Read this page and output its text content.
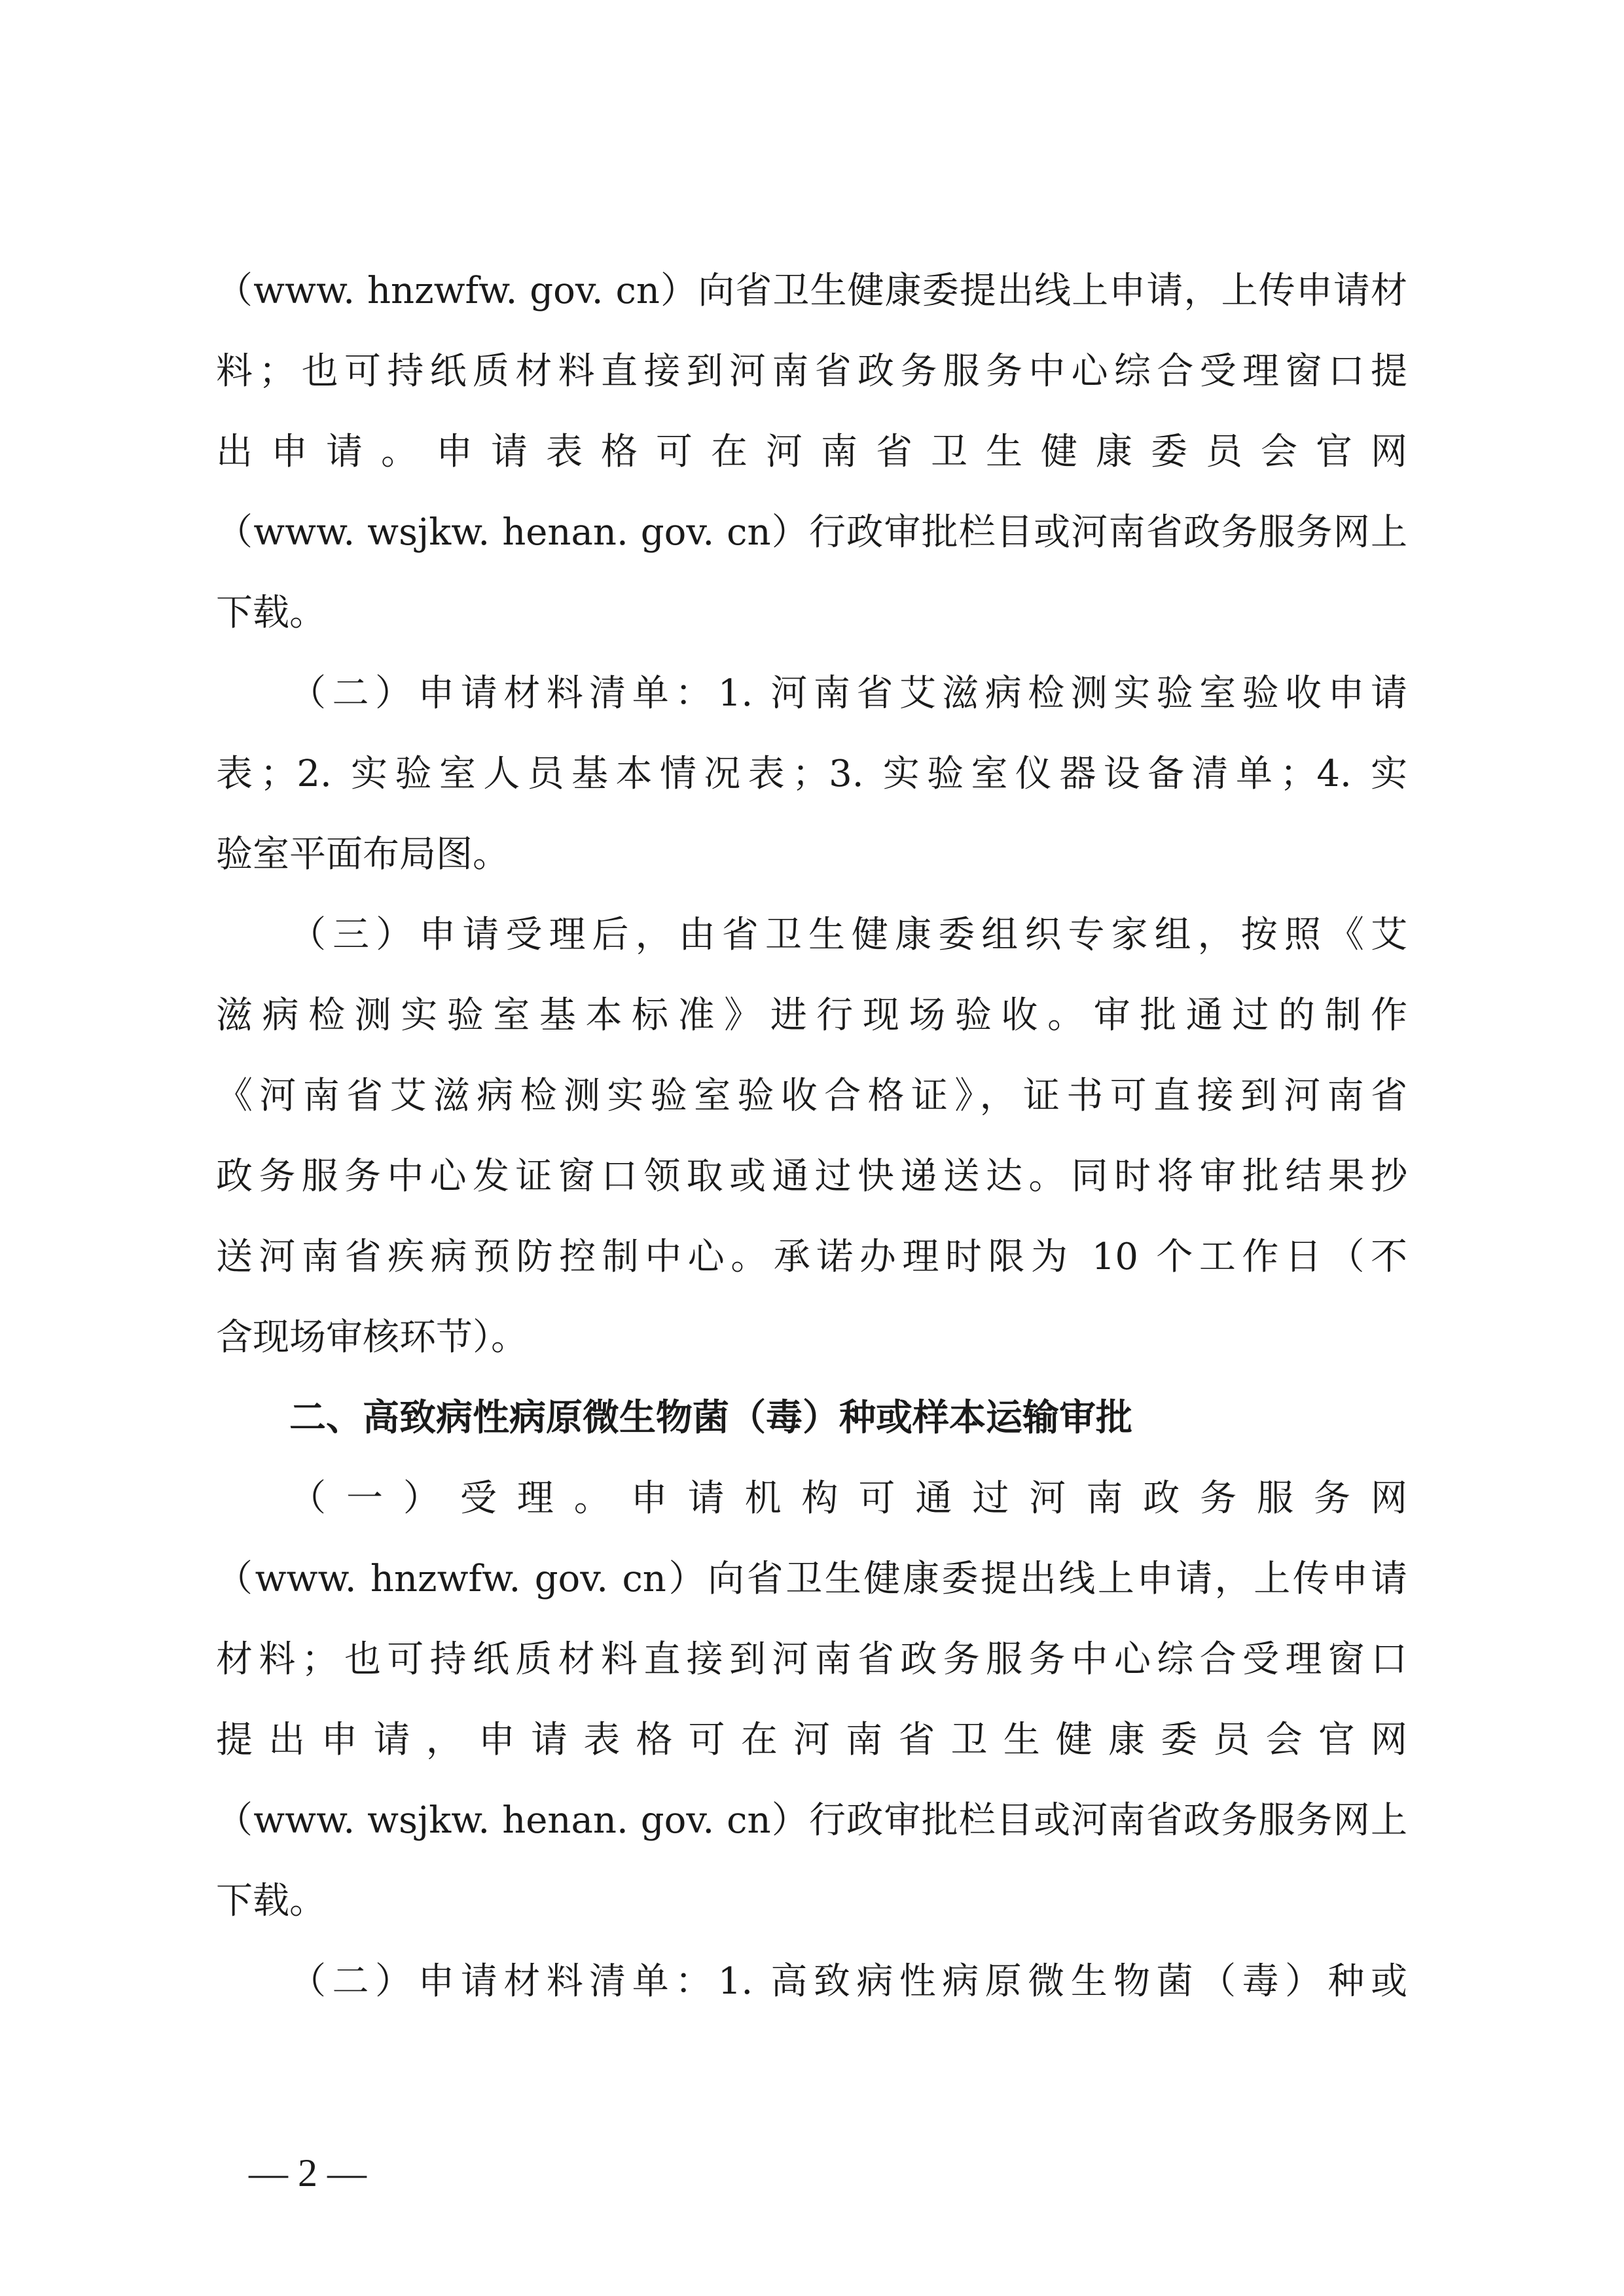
（www. hnzwfw. gov. cn）向省卫生健康委提出线上申请，上传申请材
料；也可持纸质材料直接到河南省政务服务中心综合受理窗口提
出申请。申请表格可在河南省卫生健康委员会官网
（www. wsjkw. henan. gov. cn）行政审批栏目或河南省政务服务网上
下载。
（二）申请材料清单：1. 河南省艾滋病检测实验室验收申请
表；2. 实验室人员基本情况表；3. 实验室仪器设备清单；4. 实
验室平面布局图。
（三）申请受理后，由省卫生健康委组织专家组，按照《艾
滋病检测实验室基本标准》进行现场验收。审批通过的制作
《河南省艾滋病检测实验室验收合格证》，证书可直接到河南省
政务服务中心发证窗口领取或通过快递送达。同时将审批结果抄
送河南省疾病预防控制中心。承诺办理时限为 10 个工作日（不
含现场审核环节）。
二、高致病性病原微生物菌（毒）种或样本运输审批
（一）受理。申请机构可通过河南政务服务网
（www. hnzwfw. gov. cn）向省卫生健康委提出线上申请，上传申请
材料；也可持纸质材料直接到河南省政务服务中心综合受理窗口
提出申请，申请表格可在河南省卫生健康委员会官网
（www. wsjkw. henan. gov. cn）行政审批栏目或河南省政务服务网上
下载。
（二）申请材料清单：1. 高致病性病原微生物菌（毒）种或
— 2 —
